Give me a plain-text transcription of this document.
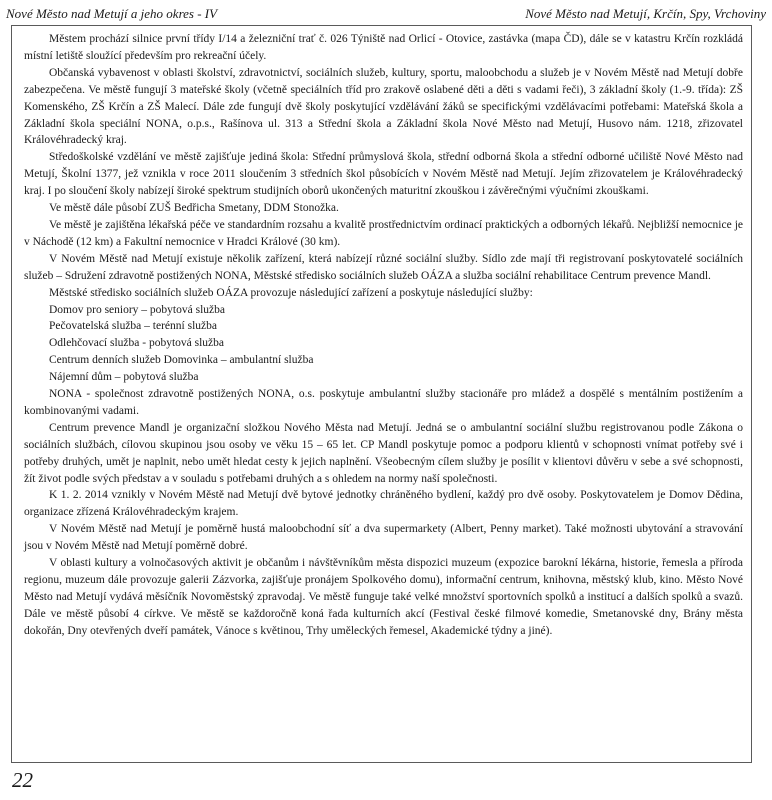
Nové Město nad Metují a jeho okres - IV	Nové Město nad Metují, Krčín, Spy, Vrchoviny

Městem prochází silnice první třídy I/14 a železniční trať č. 026 Týniště nad Orlicí - Otovice, zastávka (mapa ČD), dále se v katastru Krčín rozkládá místní letiště sloužící především pro rekreační účely.

Občanská vybavenost v oblasti školství, zdravotnictví, sociálních služeb, kultury, sportu, maloobchodu a služeb je v Novém Městě nad Metují dobře zabezpečena. Ve městě fungují 3 mateřské školy (včetně speciálních tříd pro zrakově oslabené děti a děti s vadami řeči), 3 základní školy (1.-9. třída): ZŠ Komenského, ZŠ Krčín a ZŠ Malecí. Dále zde fungují dvě školy poskytující vzdělávání žáků se specifickými vzdělávacími potřebami: Mateřská škola a Základní škola speciální NONA, o.p.s., Rašínova ul. 313 a Střední škola a Základní škola Nové Město nad Metují, Husovo nám. 1218, zřizovatel Královéhradecký kraj.

Středoškolské vzdělání ve městě zajišťuje jediná škola: Střední průmyslová škola, střední odborná škola a střední odborné učiliště Nové Město nad Metují, Školní 1377, jež vznikla v roce 2011 sloučením 3 středních škol působících v Novém Městě nad Metují. Jejím zřizovatelem je Královéhradecký kraj. I po sloučení školy nabízejí široké spektrum studijních oborů ukončených maturitní zkouškou i závěrečnými výučními zkouškami.

Ve městě dále působí ZUŠ Bedřicha Smetany, DDM Stonožka.

Ve městě je zajištěna lékařská péče ve standardním rozsahu a kvalitě prostřednictvím ordinací praktických a odborných lékařů. Nejbližší nemocnice je v Náchodě (12 km) a Fakultní nemocnice v Hradci Králové (30 km).

V Novém Městě nad Metují existuje několik zařízení, která nabízejí různé sociální služby. Sídlo zde mají tři registrovaní poskytovatelé sociálních služeb – Sdružení zdravotně postižených NONA, Městské středisko sociálních služeb OÁZA a služba sociální rehabilitace Centrum prevence Mandl.

Městské středisko sociálních služeb OÁZA provozuje následující zařízení a poskytuje následující služby:

Domov pro seniory – pobytová služba

Pečovatelská služba – terénní služba

Odlehčovací služba - pobytová služba

Centrum denních služeb Domovinka – ambulantní služba

Nájemní dům – pobytová služba

NONA - společnost zdravotně postižených NONA, o.s. poskytuje ambulantní služby stacionáře pro mládež a dospělé s mentálním postižením a kombinovanými vadami.

Centrum prevence Mandl je organizační složkou Nového Města nad Metují. Jedná se o ambulantní sociální službu registrovanou podle Zákona o sociálních službách, cílovou skupinou jsou osoby ve věku 15 – 65 let. CP Mandl poskytuje pomoc a podporu klientů v schopnosti vnímat potřeby své i potřeby druhých, umět je naplnit, nebo umět hledat cesty k jejich naplnění. Všeobecným cílem služby je posílit v klientovi důvěru v sebe a své schopnosti, žít život podle svých představ a v souladu s potřebami druhých a s ohledem na normy naší společnosti.

K 1. 2. 2014 vznikly v Novém Městě nad Metují dvě bytové jednotky chráněného bydlení, každý pro dvě osoby. Poskytovatelem je Domov Dědina, organizace zřízená Královéhradeckým krajem.

V Novém Městě nad Metují je poměrně hustá maloobchodní síť a dva supermarkety (Albert, Penny market). Také možnosti ubytování a stravování jsou v Novém Městě nad Metují poměrně dobré.

V oblasti kultury a volnočasových aktivit je občanům i návštěvníkům města dispozici muzeum (expozice barokní lékárna, historie, řemesla a příroda regionu, muzeum dále provozuje galerii Zázvorka, zajišťuje pronájem Spolkového domu), informační centrum, knihovna, městský klub, kino. Město Nové Město nad Metují vydává měsíčník Novoměstský zpravodaj. Ve městě funguje také velké množství sportovních spolků a institucí a dalších spolků a svazů. Dále ve městě působí 4 církve. Ve městě se každoročně koná řada kulturních akcí (Festival české filmové komedie, Smetanovské dny, Brány města dokořán, Dny otevřených dveří památek, Vánoce s květinou, Trhy uměleckých řemesel, Akademické týdny a jiné).

22
